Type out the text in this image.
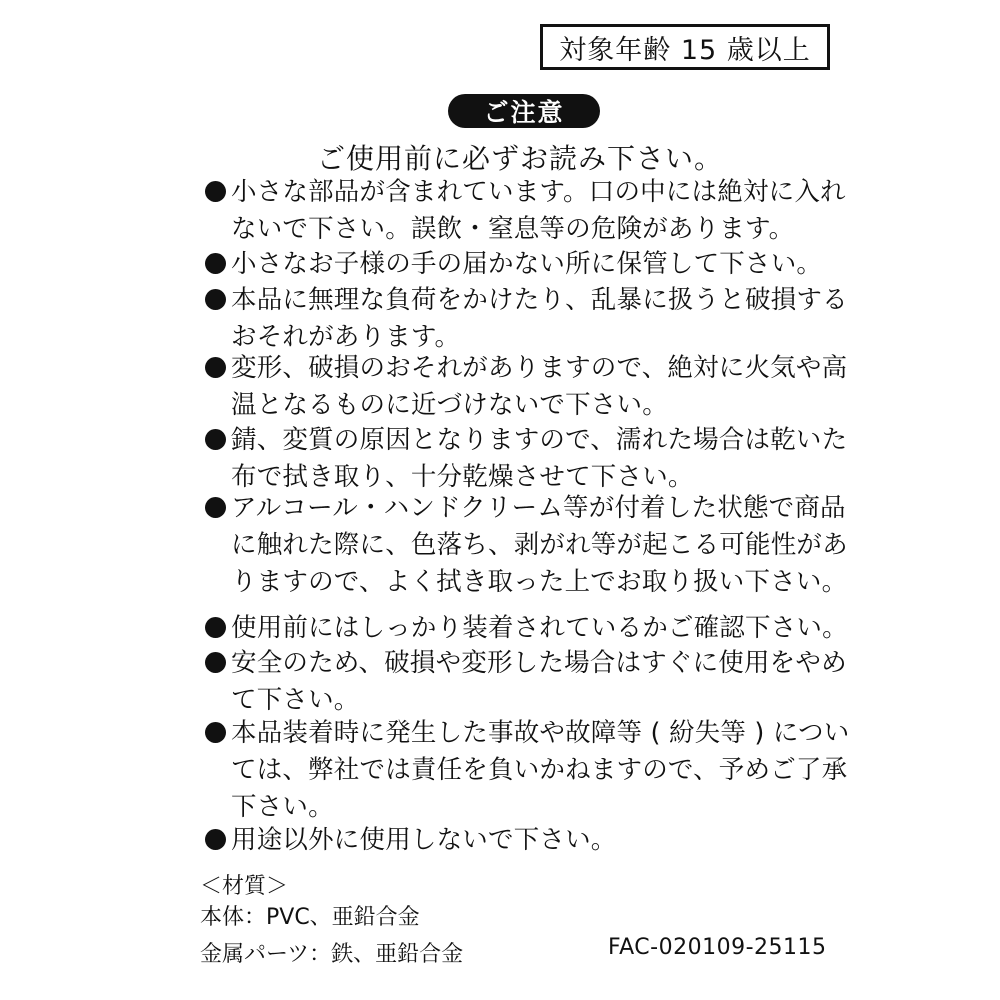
対象年齢 15 歳以上
ご注意
ご使用前に必ずお読み下さい。
小さな部品が含まれています。口の中には絶対に入れ
ないで下さい。誤飲・窒息等の危険があります。
小さなお子様の手の届かない所に保管して下さい。
本品に無理な負荷をかけたり、乱暴に扱うと破損する
おそれがあります。
変形、破損のおそれがありますので、絶対に火気や高
温となるものに近づけないで下さい。
錆、変質の原因となりますので、濡れた場合は乾いた
布で拭き取り、十分乾燥させて下さい。
アルコール・ハンドクリーム等が付着した状態で商品
に触れた際に、色落ち、剥がれ等が起こる可能性があ
りますので、よく拭き取った上でお取り扱い下さい。
使用前にはしっかり装着されているかご確認下さい。
安全のため、破損や変形した場合はすぐに使用をやめ
て下さい。
本品装着時に発生した事故や故障等 ( 紛失等 ) につい
ては、弊社では責任を負いかねますので、予めご了承
下さい。
用途以外に使用しないで下さい。
＜材質＞
本体：PVC、亜鉛合金
金属パーツ：鉄、亜鉛合金	FAC-020109-25115
